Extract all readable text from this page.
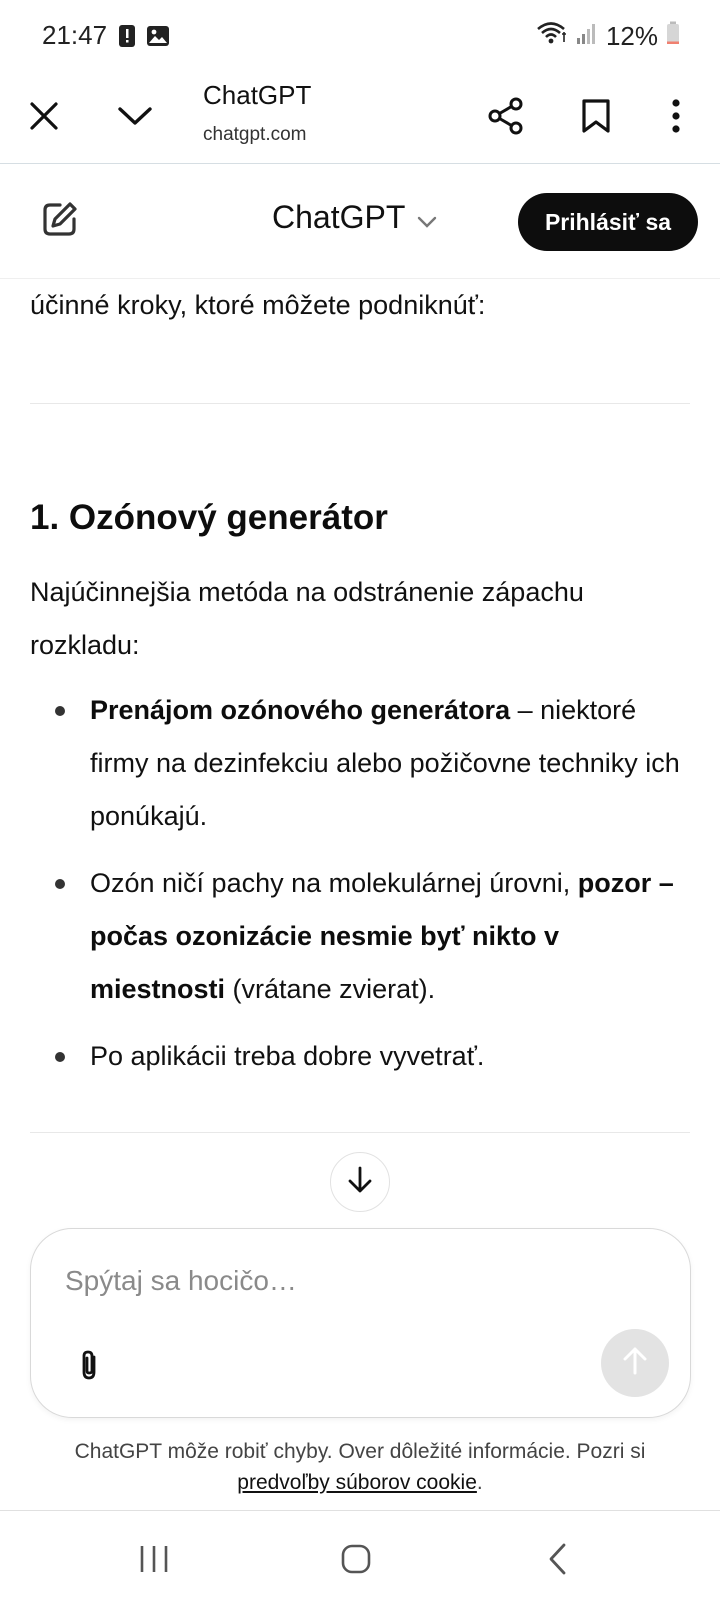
21:47	12%
ChatGPT
chatgpt.com
ChatGPT	Prihlásiť sa
účinné kroky, ktoré môžete podniknúť:
1. Ozónový generátor
Najúčinnejšia metóda na odstránenie zápachu rozkladu:
Prenájom ozónového generátora – niektoré firmy na dezinfekciu alebo požičovne techniky ich ponúkajú.
Ozón ničí pachy na molekulárnej úrovni, pozor – počas ozonizácie nesmie byť nikto v miestnosti (vrátane zvierat).
Po aplikácii treba dobre vyvetrať.
Spýtaj sa hocičo…
ChatGPT môže robiť chyby. Over dôležité informácie. Pozri si predvoľby súborov cookie.
